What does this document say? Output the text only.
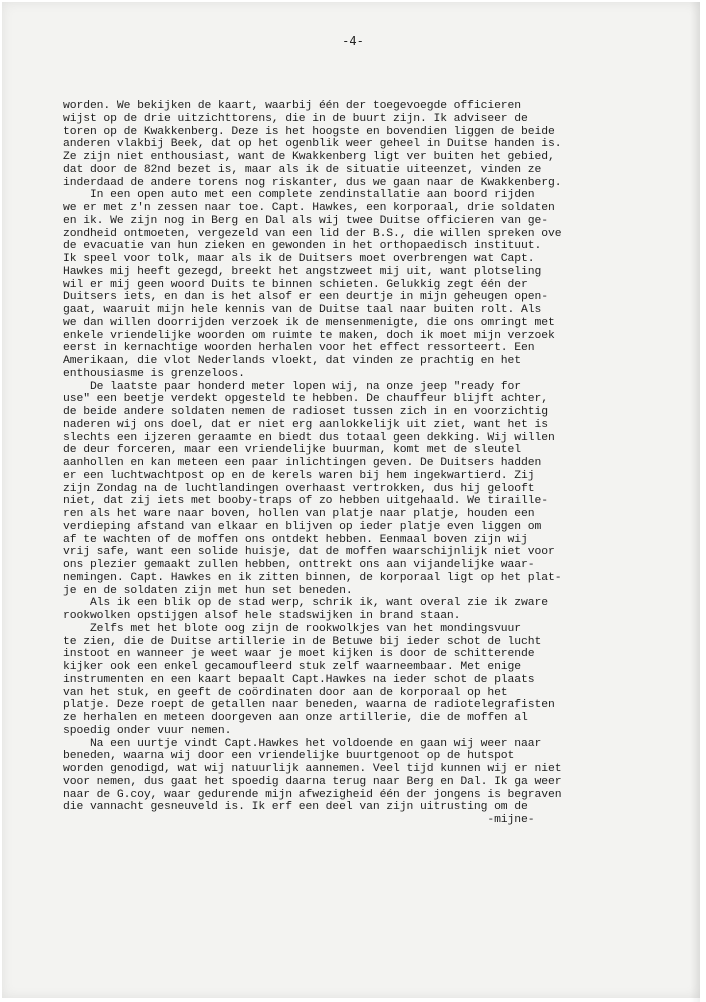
-4-
worden. We bekijken de kaart, waarbij één der toegevoegde officieren
wijst op de drie uitzichttorens, die in de buurt zijn. Ik adviseer de
toren op de Kwakkenberg. Deze is het hoogste en bovendien liggen de beide
anderen vlakbij Beek, dat op het ogenblik weer geheel in Duitse handen is.
Ze zijn niet enthousiast, want de Kwakkenberg ligt ver buiten het gebied,
dat door de 82nd bezet is, maar als ik de situatie uiteenzet, vinden ze
inderdaad de andere torens nog riskanter, dus we gaan naar de Kwakkenberg.
In een open auto met een complete zendinstallatie aan boord rijden
we er met z'n zessen naar toe. Capt. Hawkes, een korporaal, drie soldaten
en ik. We zijn nog in Berg en Dal als wij twee Duitse officieren van ge-
zondheid ontmoeten, vergezeld van een lid der B.S., die willen spreken ove
de evacuatie van hun zieken en gewonden in het orthopaedisch instituut.
Ik speel voor tolk, maar als ik de Duitsers moet overbrengen wat Capt.
Hawkes mij heeft gezegd, breekt het angstzweet mij uit, want plotseling
wil er mij geen woord Duits te binnen schieten. Gelukkig zegt één der
Duitsers iets, en dan is het alsof er een deurtje in mijn geheugen open-
gaat, waaruit mijn hele kennis van de Duitse taal naar buiten rolt. Als
we dan willen doorrijden verzoek ik de mensenmenigte, die ons omringt met
enkele vriendelijke woorden om ruimte te maken, doch ik moet mijn verzoek
eerst in kernachtige woorden herhalen voor het effect ressorteert. Een
Amerikaan, die vlot Nederlands vloekt, dat vinden ze prachtig en het
enthousiasme is grenzeloos.
De laatste paar honderd meter lopen wij, na onze jeep "ready for
use" een beetje verdekt opgesteld te hebben. De chauffeur blijft achter,
de beide andere soldaten nemen de radioset tussen zich in en voorzichtig
naderen wij ons doel, dat er niet erg aanlokkelijk uit ziet, want het is
slechts een ijzeren geraamte en biedt dus totaal geen dekking. Wij willen
de deur forceren, maar een vriendelijke buurman, komt met de sleutel
aanhollen en kan meteen een paar inlichtingen geven. De Duitsers hadden
er een luchtwachtpost op en de kerels waren bij hem ingekwartierd. Zij
zijn Zondag na de luchtlandingen overhaast vertrokken, dus hij gelooft
niet, dat zij iets met booby-traps of zo hebben uitgehaald. We tiraille-
ren als het ware naar boven, hollen van platje naar platje, houden een
verdieping afstand van elkaar en blijven op ieder platje even liggen om
af te wachten of de moffen ons ontdekt hebben. Eenmaal boven zijn wij
vrij safe, want een solide huisje, dat de moffen waarschijnlijk niet voor
ons plezier gemaakt zullen hebben, onttrekt ons aan vijandelijke waar-
nemingen. Capt. Hawkes en ik zitten binnen, de korporaal ligt op het plat-
je en de soldaten zijn met hun set beneden.
Als ik een blik op de stad werp, schrik ik, want overal zie ik zware
rookwolken opstijgen alsof hele stadswijken in brand staan.
Zelfs met het blote oog zijn de rookwolkjes van het mondingsvuur
te zien, die de Duitse artillerie in de Betuwe bij ieder schot de lucht
instoot en wanneer je weet waar je moet kijken is door de schitterende
kijker ook een enkel gecamoufleerd stuk zelf waarneembaar. Met enige
instrumenten en een kaart bepaalt Capt.Hawkes na ieder schot de plaats
van het stuk, en geeft de coördinaten door aan de korporaal op het
platje. Deze roept de getallen naar beneden, waarna de radiotelegrafisten
ze herhalen en meteen doorgeven aan onze artillerie, die de moffen al
spoedig onder vuur nemen.
Na een uurtje vindt Capt.Hawkes het voldoende en gaan wij weer naar
beneden, waarna wij door een vriendelijke buurtgenoot op de hutspot
worden genodigd, wat wij natuurlijk aannemen. Veel tijd kunnen wij er niet
voor nemen, dus gaat het spoedig daarna terug naar Berg en Dal. Ik ga weer
naar de G.coy, waar gedurende mijn afwezigheid één der jongens is begraven
die vannacht gesneuveld is. Ik erf een deel van zijn uitrusting om de
-mijne-
